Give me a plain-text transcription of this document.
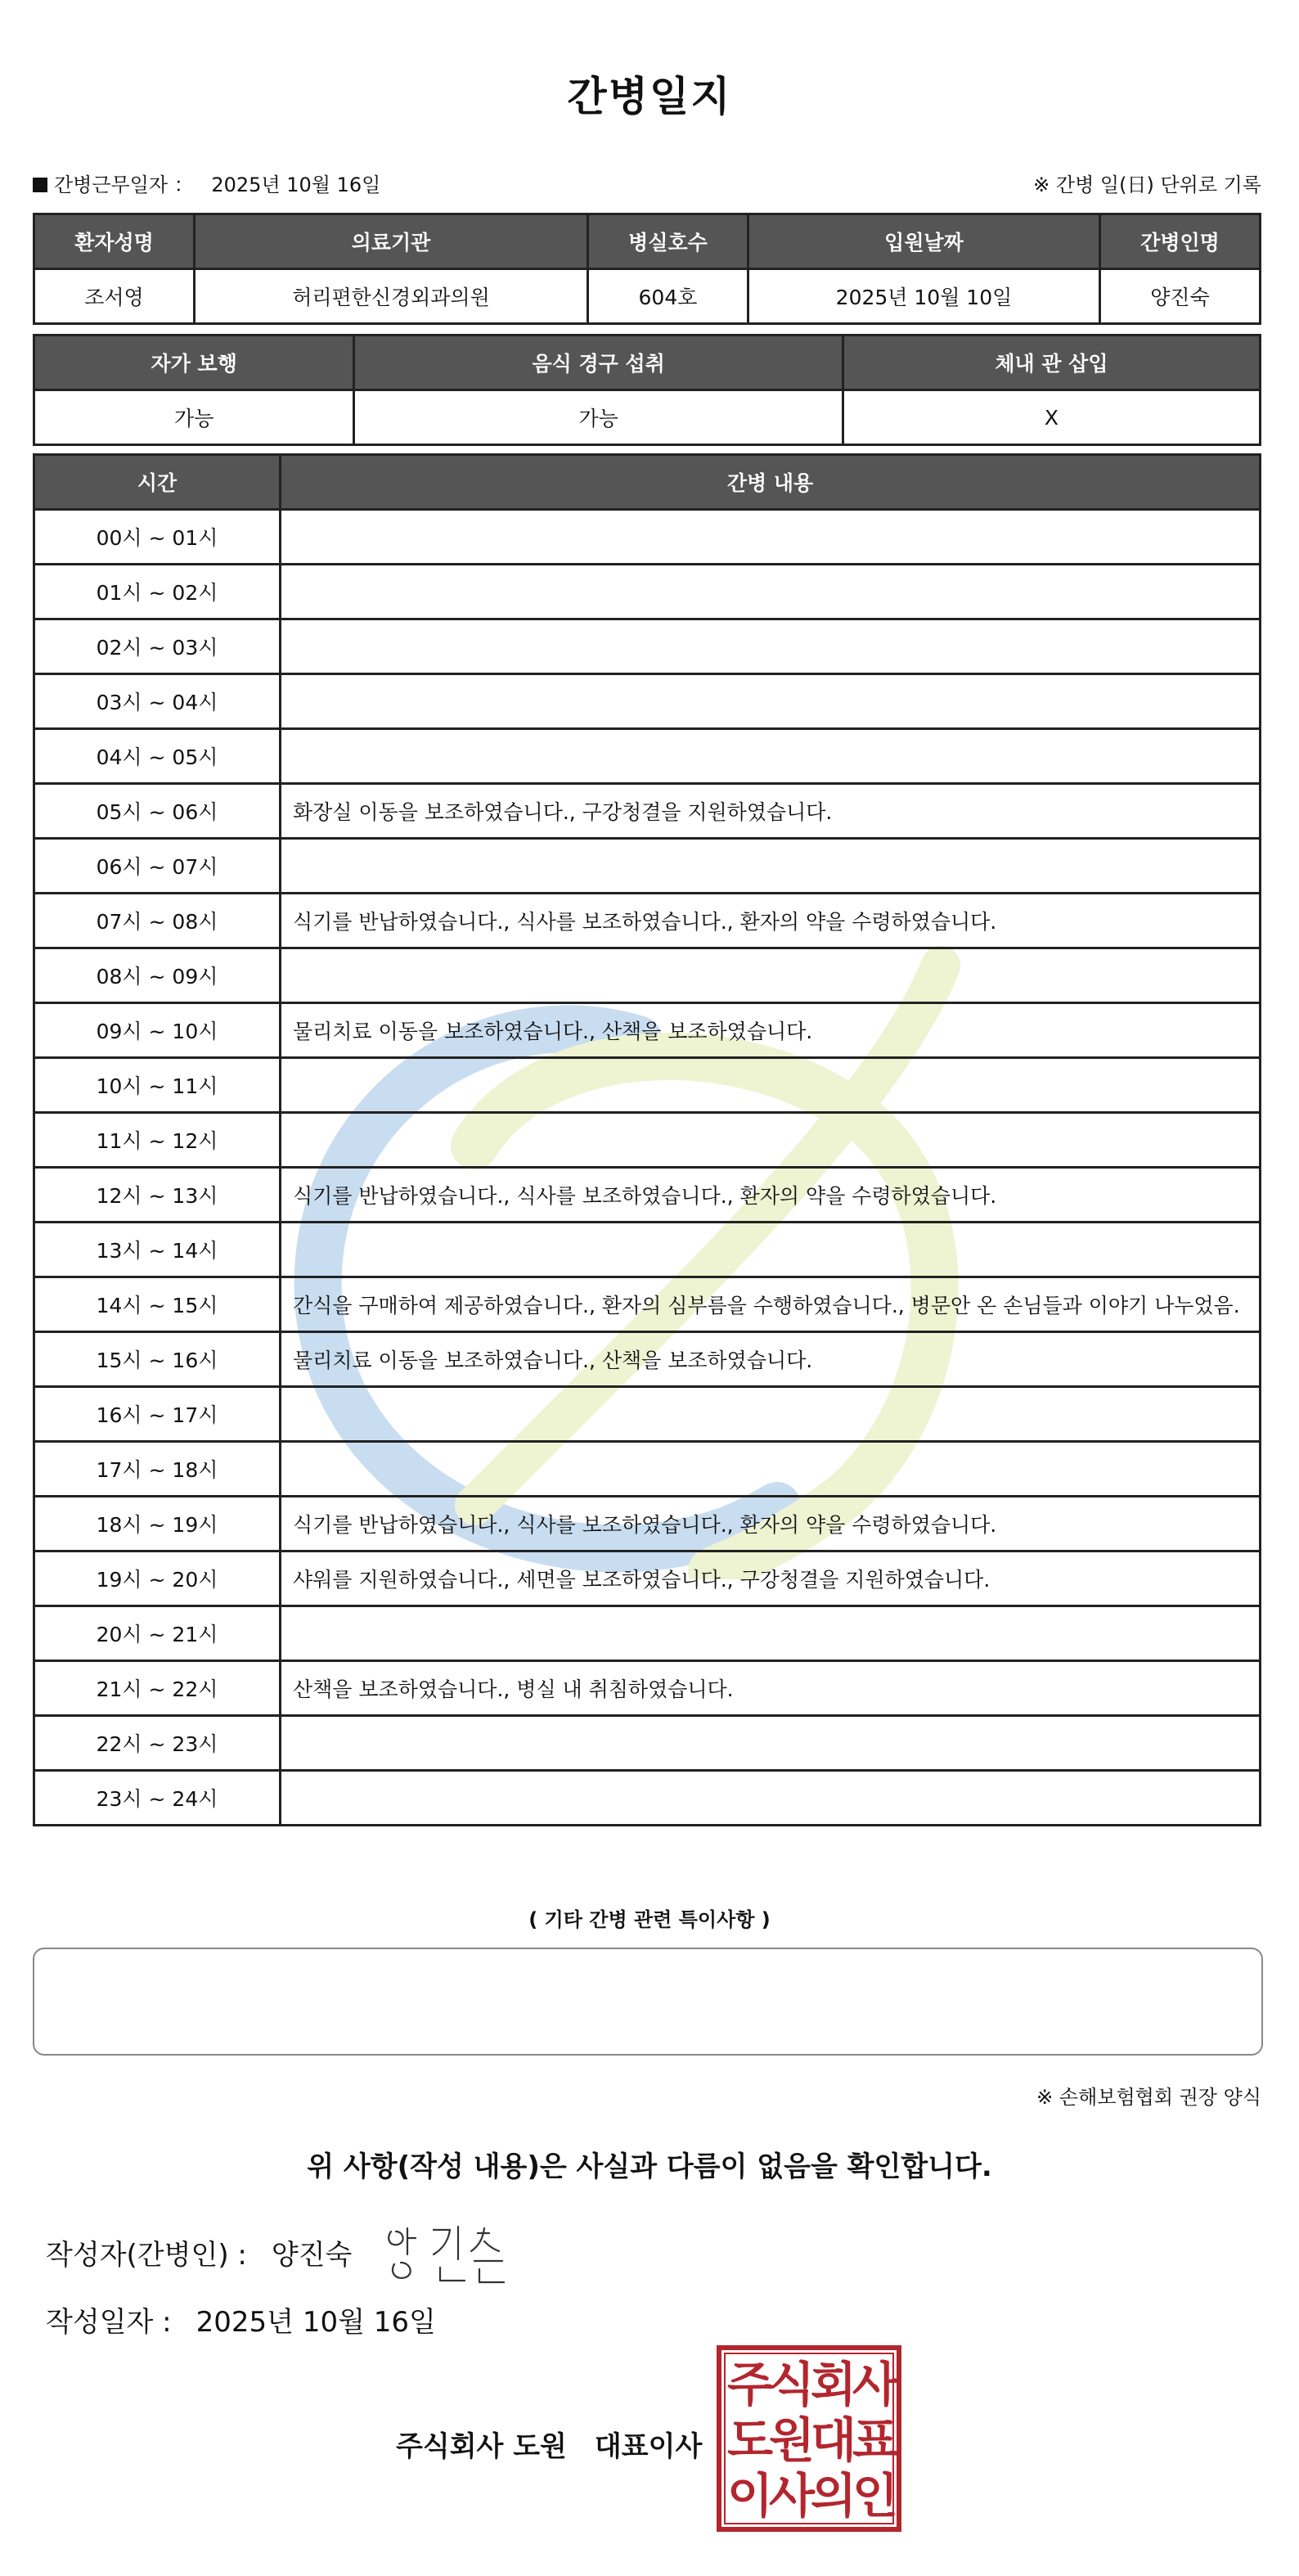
간병일지
간병근무일자 ： 2025년 10월 16일	※ 간병 일(日) 단위로 기록
환자성명	의료기관	병실호수	입원날짜	간병인명
조서영	허리편한신경외과의원	604호	2025년 10월 10일	양진숙
자가 보행	음식 경구 섭취	체내 관 삽입
가능	가능	X
시간	간병 내용
00시 ~ 01시	
01시 ~ 02시	
02시 ~ 03시	
03시 ~ 04시	
04시 ~ 05시	
05시 ~ 06시	화장실 이동을 보조하였습니다., 구강청결을 지원하였습니다.
06시 ~ 07시	
07시 ~ 08시	식기를 반납하였습니다., 식사를 보조하였습니다., 환자의 약을 수령하였습니다.
08시 ~ 09시	
09시 ~ 10시	물리치료 이동을 보조하였습니다., 산책을 보조하였습니다.
10시 ~ 11시	
11시 ~ 12시	
12시 ~ 13시	식기를 반납하였습니다., 식사를 보조하였습니다., 환자의 약을 수령하였습니다.
13시 ~ 14시	
14시 ~ 15시	간식을 구매하여 제공하였습니다., 환자의 심부름을 수행하였습니다., 병문안 온 손님들과 이야기 나누었음.
15시 ~ 16시	물리치료 이동을 보조하였습니다., 산책을 보조하였습니다.
16시 ~ 17시	
17시 ~ 18시	
18시 ~ 19시	식기를 반납하였습니다., 식사를 보조하였습니다., 환자의 약을 수령하였습니다.
19시 ~ 20시	샤워를 지원하였습니다., 세면을 보조하였습니다., 구강청결을 지원하였습니다.
20시 ~ 21시	
21시 ~ 22시	산책을 보조하였습니다., 병실 내 취침하였습니다.
22시 ~ 23시	
23시 ~ 24시	
( 기타 간병 관련 특이사항 )
※ 손해보험협회 권장 양식
위 사항(작성 내용)은 사실과 다름이 없음을 확인합니다.
작성자(간병인) : 양진숙
작성일자 : 2025년 10월 16일
주식회사 도원 대표이사
주
식
회
사
도
원
대
표
이
사
의
인
